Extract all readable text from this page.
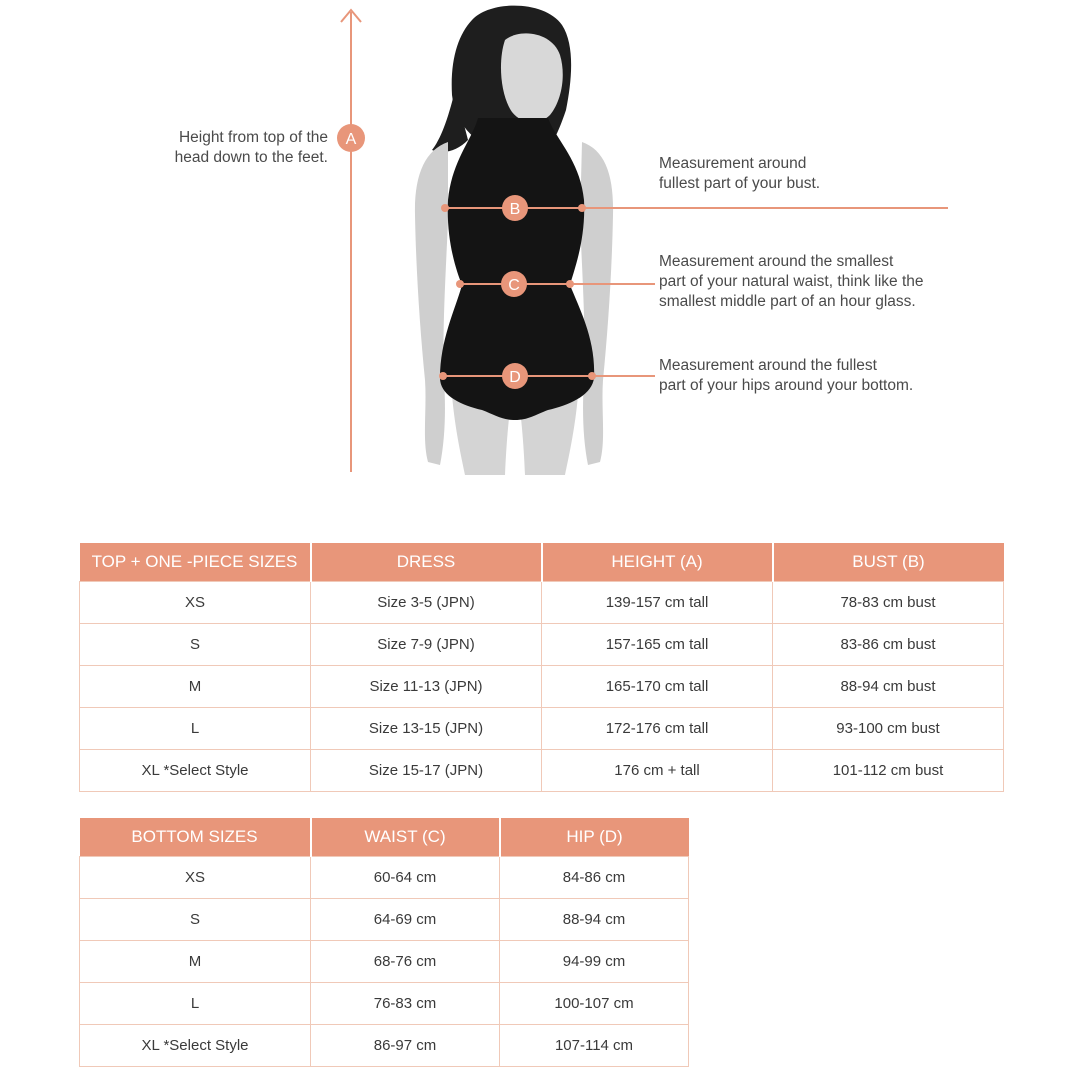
A
B
C
D
Height from top of the
head down to the feet.	Measurement around
fullest part of your bust.
Measurement around the smallest
part of your natural waist, think like the
smallest middle part of an hour glass.
Measurement around the fullest
part of your hips around your bottom.
TOP + ONE -PIECE SIZES	DRESS	HEIGHT (A)	BUST (B)
XS	Size 3-5 (JPN)	139-157 cm tall	78-83 cm bust
S	Size 7-9 (JPN)	157-165 cm tall	83-86 cm bust
M	Size 11-13 (JPN)	165-170 cm tall	88-94 cm bust
L	Size 13-15 (JPN)	172-176 cm tall	93-100 cm bust
XL *Select Style	Size 15-17 (JPN)	176 cm + tall	101-112 cm bust
BOTTOM SIZES	WAIST (C)	HIP (D)
XS	60-64 cm	84-86 cm
S	64-69 cm	88-94 cm
M	68-76 cm	94-99 cm
L	76-83 cm	100-107 cm
XL *Select Style	86-97 cm	107-114 cm
